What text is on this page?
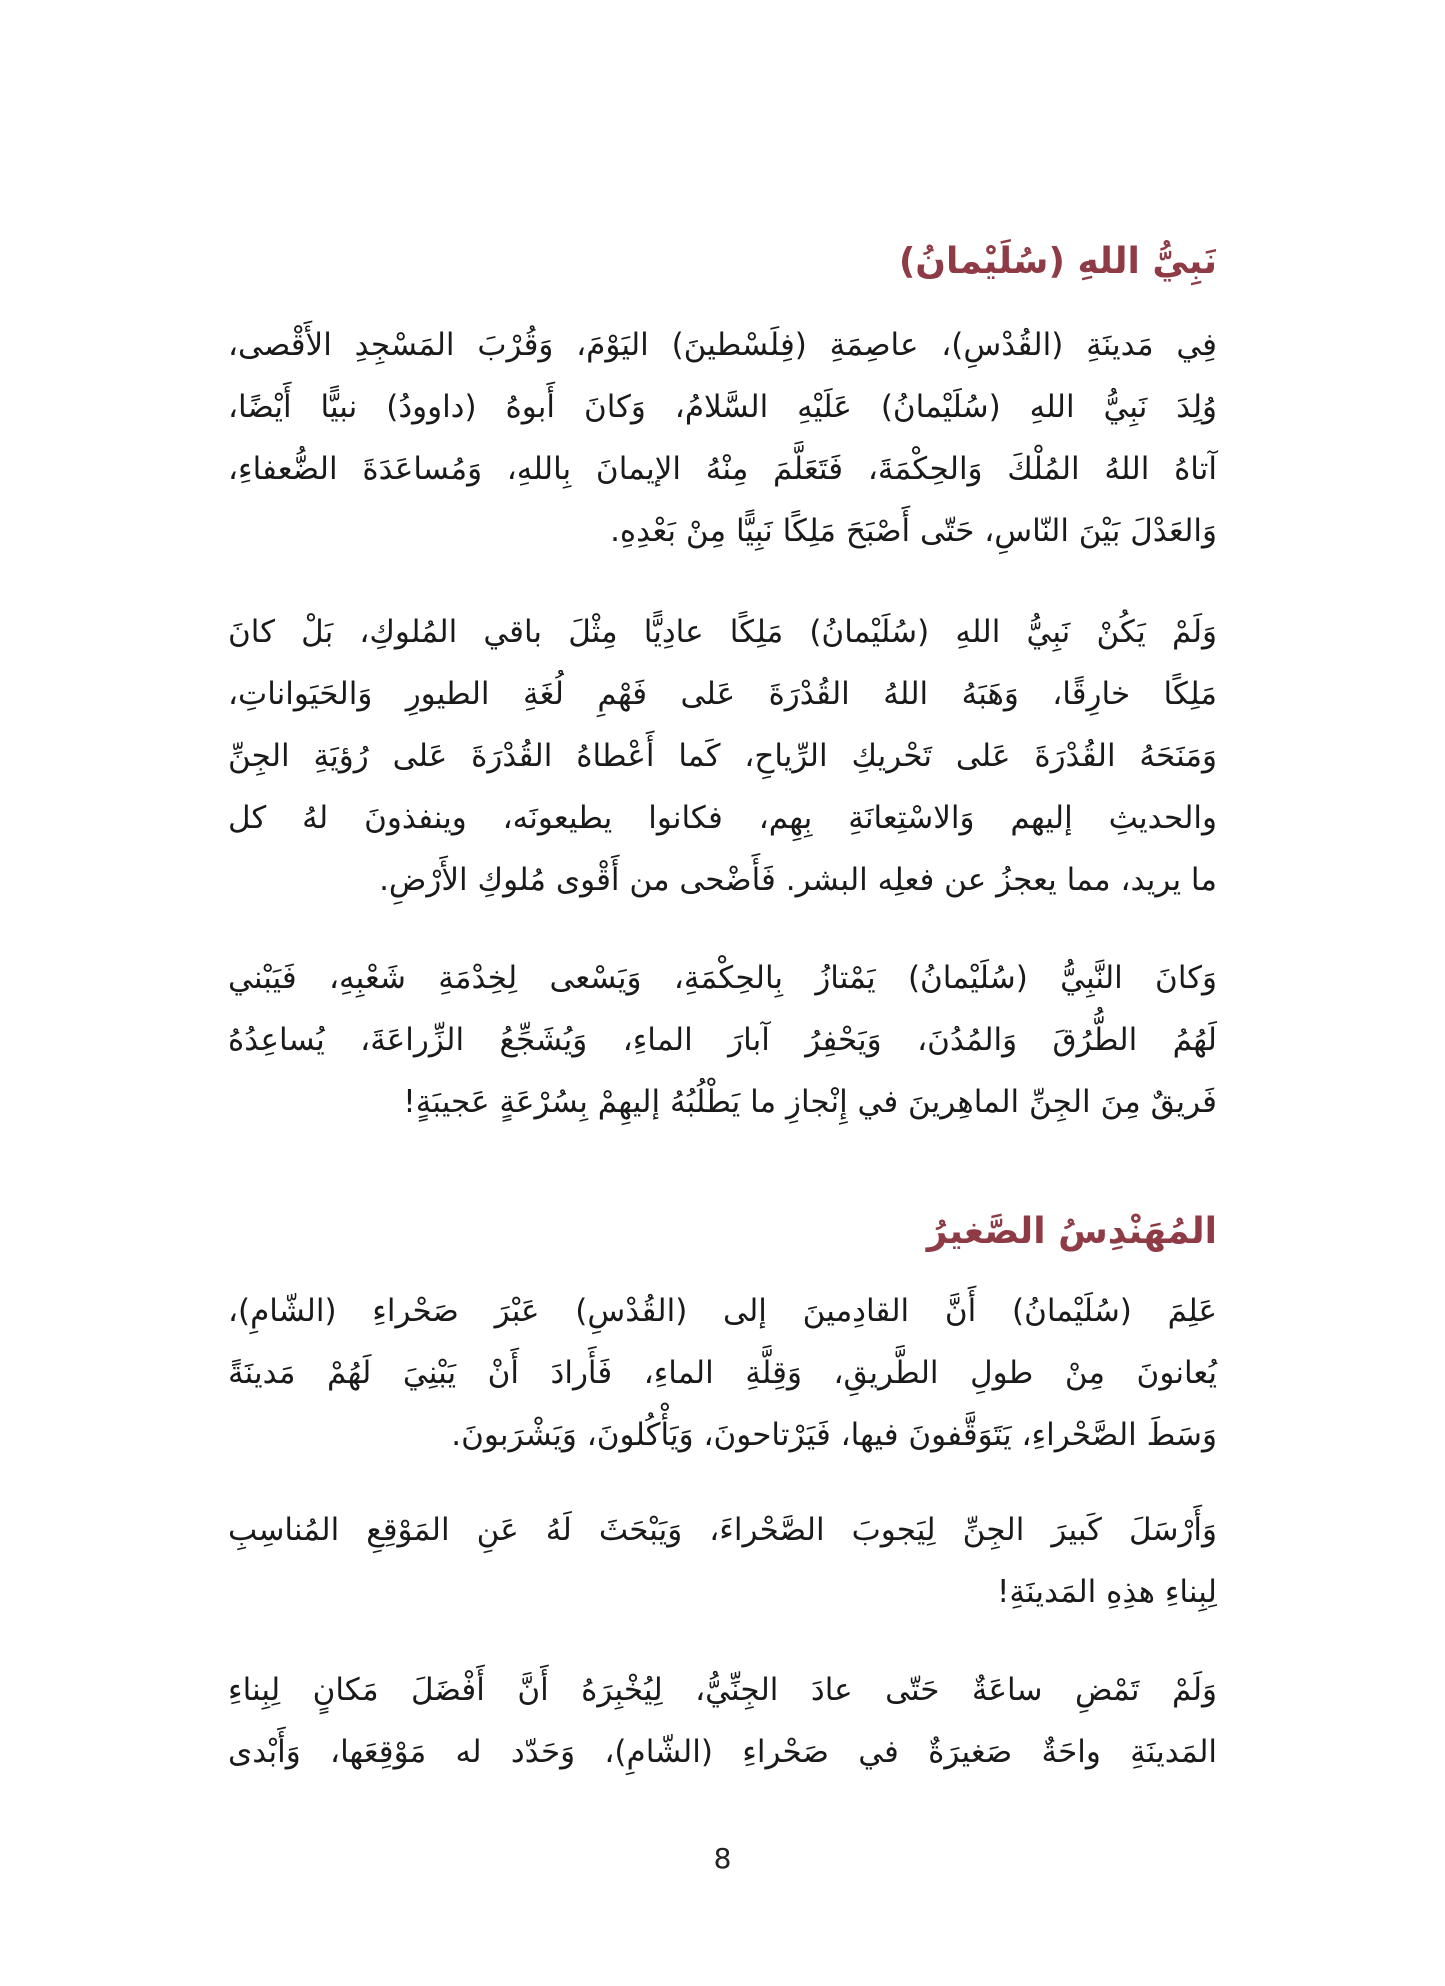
نَبِيُّ اللهِ (سُلَيْمانُ)
فِي مَدينَةِ (القُدْسِ)، عاصِمَةِ (فِلَسْطينَ) اليَوْمَ، وَقُرْبَ المَسْجِدِ الأَقْصى،
وُلِدَ نَبِيُّ اللهِ (سُلَيْمانُ) عَلَيْهِ السَّلامُ، وَكانَ أَبوهُ (داوودُ) نبيًّا أَيْضًا،
آتاهُ اللهُ المُلْكَ وَالحِكْمَةَ، فَتَعَلَّمَ مِنْهُ الإيمانَ بِاللهِ، وَمُساعَدَةَ الضُّعفاءِ،
وَالعَدْلَ بَيْنَ النّاسِ، حَتّى أَصْبَحَ مَلِكًا نَبِيًّا مِنْ بَعْدِهِ.
وَلَمْ يَكُنْ نَبِيُّ اللهِ (سُلَيْمانُ) مَلِكًا عادِيًّا مِثْلَ باقي المُلوكِ، بَلْ كانَ
مَلِكًا خارِقًا، وَهَبَهُ اللهُ القُدْرَةَ عَلى فَهْمِ لُغَةِ الطيورِ وَالحَيَواناتِ،
وَمَنَحَهُ القُدْرَةَ عَلى تَحْريكِ الرِّياحِ، كَما أَعْطاهُ القُدْرَةَ عَلى رُؤيَةِ الجِنِّ
والحديثِ إليهم وَالاسْتِعانَةِ بِهِم، فكانوا يطيعونَه، وينفذونَ لهُ كل
ما يريد، مما يعجزُ عن فعلِه البشر. فَأَضْحى من أَقْوى مُلوكِ الأَرْضِ.
وَكانَ النَّبِيُّ (سُلَيْمانُ) يَمْتازُ بِالحِكْمَةِ، وَيَسْعى لِخِدْمَةِ شَعْبِهِ، فَيَبْني
لَهُمُ الطُّرُقَ وَالمُدُنَ، وَيَحْفِرُ آبارَ الماءِ، وَيُشَجِّعُ الزِّراعَةَ، يُساعِدُهُ
فَريقٌ مِنَ الجِنِّ الماهِرينَ في إِنْجازِ ما يَطْلُبُهُ إليهِمْ بِسُرْعَةٍ عَجيبَةٍ!
المُهَنْدِسُ الصَّغيرُ
عَلِمَ (سُلَيْمانُ) أَنَّ القادِمينَ إلى (القُدْسِ) عَبْرَ صَحْراءِ (الشّامِ)،
يُعانونَ مِنْ طولِ الطَّريقِ، وَقِلَّةِ الماءِ، فَأَرادَ أَنْ يَبْنِيَ لَهُمْ مَدينَةً
وَسَطَ الصَّحْراءِ، يَتَوَقَّفونَ فيها، فَيَرْتاحونَ، وَيَأْكُلونَ، وَيَشْرَبونَ.
وَأَرْسَلَ كَبيرَ الجِنِّ لِيَجوبَ الصَّحْراءَ، وَيَبْحَثَ لَهُ عَنِ المَوْقِعِ المُناسِبِ
لِبِناءِ هذِهِ المَدينَةِ!
وَلَمْ تَمْضِ ساعَةٌ حَتّى عادَ الجِنِّيُّ، لِيُخْبِرَهُ أَنَّ أَفْضَلَ مَكانٍ لِبِناءِ
المَدينَةِ واحَةٌ صَغيرَةٌ في صَحْراءِ (الشّامِ)، وَحَدّد له مَوْقِعَها، وَأَبْدى
8
